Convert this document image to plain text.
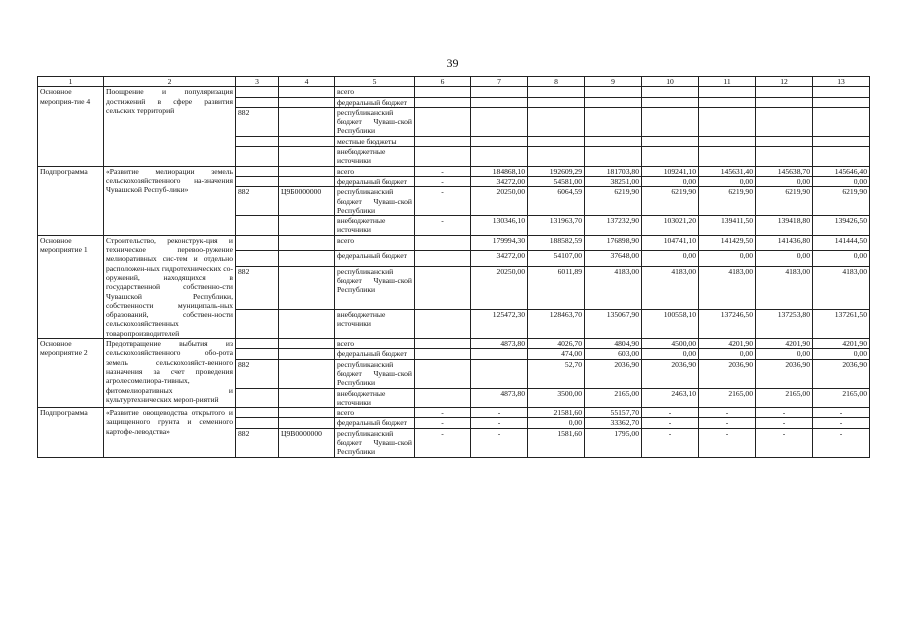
39
1	2	3	4	5	6	7	8	9	10	11	12	13
Основное мероприя-тие 4	Поощрение и популяризация достижений в сфере развития сельских территорий			всего								
				федеральный бюджет								
		882		республиканский бюджет Чуваш-ской Республики								
				местные бюджеты								
				внебюджетные источники								
Подпрограмма	«Развитие мелиорации земель сельскохозяйственного на-значения Чувашской Респуб-лики»			всего	-	184868,10	192609,29	181703,80	109241,10	145631,40	145638,70	145646,40
				федеральный бюджет	-	34272,00	54581,00	38251,00	0,00	0,00	0,00	0,00
		882	Ц9Б0000000	республиканский бюджет Чуваш-ской Республики	-	20250,00	6064,59	6219,90	6219,90	6219,90	6219,90	6219,90
				внебюджетные источники	-	130346,10	131963,70	137232,90	103021,20	139411,50	139418,80	139426,50
Основное мероприятие 1	Строительство, реконструк-ция и техническое перевоо-ружение мелиоративных сис-тем и отдельно расположен-ных гидротехнических со-оружений, находящихся в государственной собственно-сти Чувашской Республики, собственности муниципаль-ных образований, собствен-ности сельскохозяйственных товаропроизводителей			всего		179994,30	188582,59	176898,90	104741,10	141429,50	141436,80	141444,50
				федеральный бюджет		34272,00	54107,00	37648,00	0,00	0,00	0,00	0,00
		882		республиканский бюджет Чуваш-ской Республики		20250,00	6011,89	4183,00	4183,00	4183,00	4183,00	4183,00
				внебюджетные источники		125472,30	128463,70	135067,90	100558,10	137246,50	137253,80	137261,50
Основное мероприятие 2	Предотвращение выбытия из сельскохозяйственного обо-рота земель сельскохозяйст-венного назначения за счет проведения агролесомелиора-тивных, фитомелиоративных и культуртехнических мероп-риятий			всего		4873,80	4026,70	4804,90	4500,00	4201,90	4201,90	4201,90
				федеральный бюджет			474,00	603,00	0,00	0,00	0,00	0,00
		882		республиканский бюджет Чуваш-ской Республики			52,70	2036,90	2036,90	2036,90	2036,90	2036,90
				внебюджетные источники		4873,80	3500,00	2165,00	2463,10	2165,00	2165,00	2165,00
Подпрограмма	«Развитие овощеводства открытого и защищенного грунта и семенного картофе-леводства»			всего	-	-	21581,60	55157,70	-	-	-	-
				федеральный бюджет	-	-	0,00	33362,70	-	-	-	-
		882	Ц9В0000000	республиканский бюджет Чуваш-ской Республики	-	-	1581,60	1795,00	-	-	-	-
